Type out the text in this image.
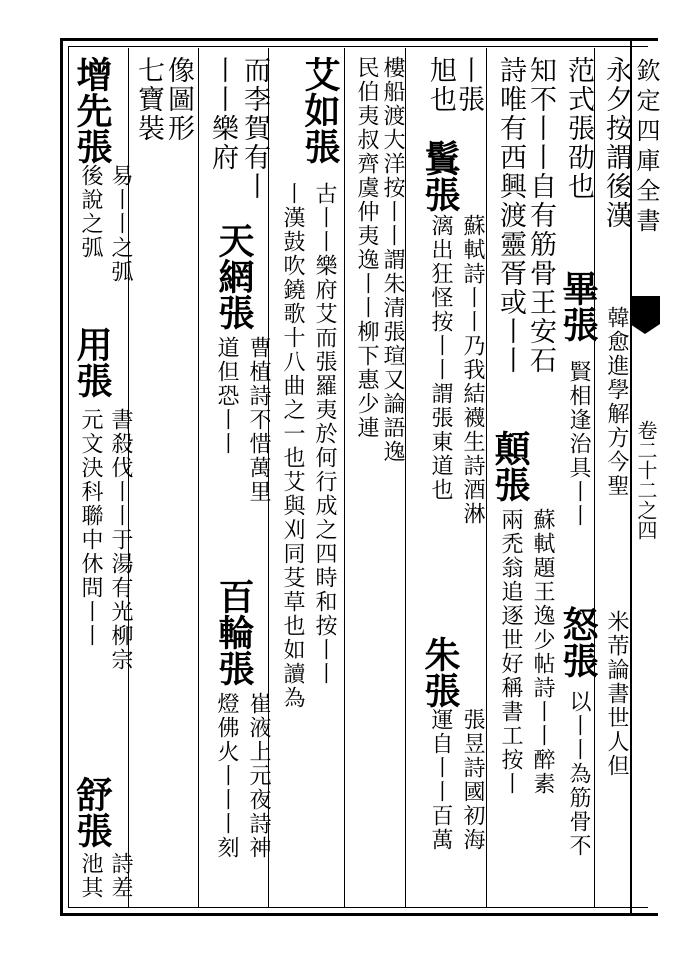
欽定四庫全書
卷二十二之四
永夕按謂後漢
韓愈進學解方今聖
米芾論書世人但
范式張劭也
畢張
賢相逢治具丨丨
怒張
以丨丨為筋骨不
知不丨丨自有筋骨王安石
詩唯有西興渡靈胥或丨丨
顛張
蘇軾題王逸少帖詩丨丨醉素
兩禿翁追逐世好稱書工按丨
丨張
旭也
鬒張
蘇軾詩丨丨乃我結襪生詩酒淋
漓出狂怪按丨丨謂張東道也
朱張
張昱詩國初海
運自丨丨百萬
樓船渡大洋按丨丨謂朱清張瑄又論語逸
民伯夷叔齊虞仲夷逸丨丨柳下惠少連
艾如張
古丨丨樂府艾而張羅夷於何行成之四時和按丨丨
丨漢鼓吹鐃歌十八曲之一也艾與刈同芟草也如讀為
而李賀有丨
丨丨樂府
天網張
曹植詩不惜萬里
道但恐丨丨
百輪張
崔液上元夜詩神
燈佛火丨丨丨刻
像圖形
七寶裝
增先張
易丨丨之弧
後說之弧
用張
書殺伐丨丨于湯有光柳宗
元文決科聯中休問丨丨
舒張
詩差
池其
